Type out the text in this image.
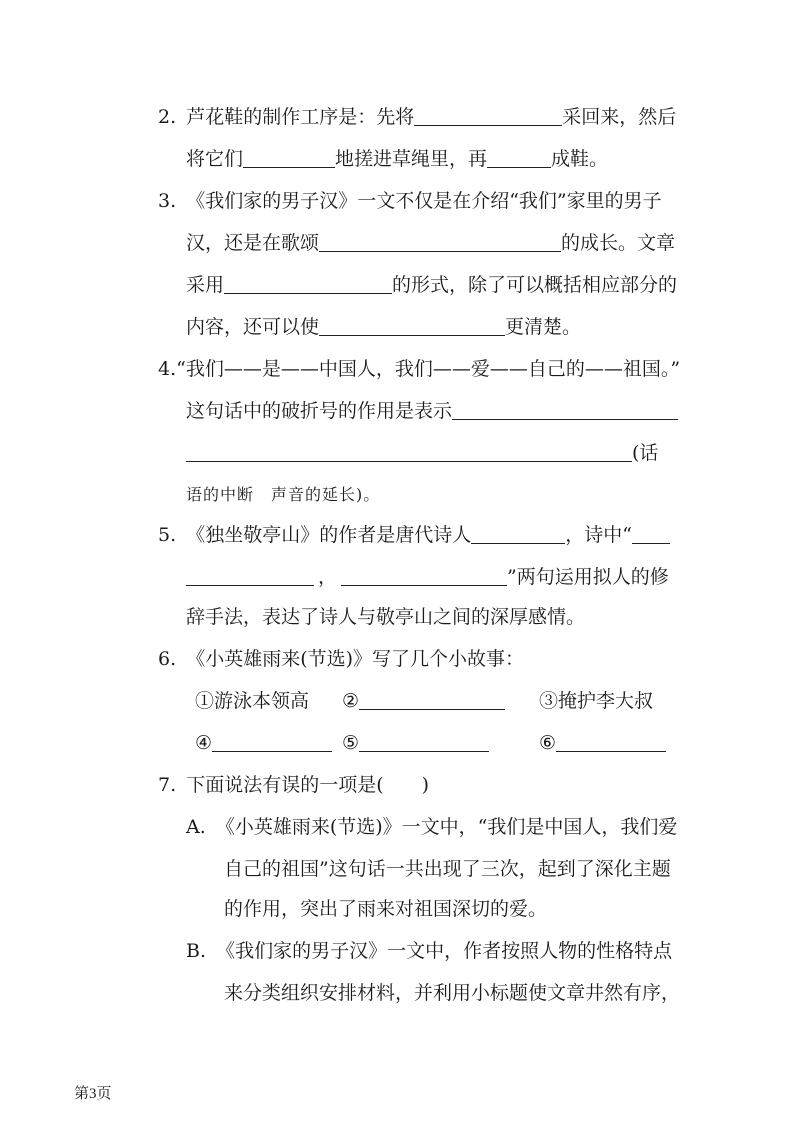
2. 芦花鞋的制作工序是：先将	采回来，然后
将它们	地搓进草绳里，再	成鞋。
3. 《我们家的男子汉》一文不仅是在介绍“我们”家里的男子
汉，还是在歌颂	的成长。文章
采用	的形式，除了可以概括相应部分的
内容，还可以使	更清楚。
4.“我们——是——中国人，我们——爱——自己的——祖国。”
这句话中的破折号的作用是表示
(话
语的中断　声音的延长)。
5. 《独坐敬亭山》的作者是唐代诗人	，诗中“
，	”两句运用拟人的修
辞手法，表达了诗人与敬亭山之间的深厚感情。
6. 《小英雄雨来(节选)》写了几个小故事：
①游泳本领高 ②	③掩护李大叔
④	⑤	⑥
7. 下面说法有误的一项是(　　)
A. 《小英雄雨来(节选)》一文中，“我们是中国人，我们爱
自己的祖国”这句话一共出现了三次，起到了深化主题
的作用，突出了雨来对祖国深切的爱。
B. 《我们家的男子汉》一文中，作者按照人物的性格特点
来分类组织安排材料，并利用小标题使文章井然有序，
第3页
